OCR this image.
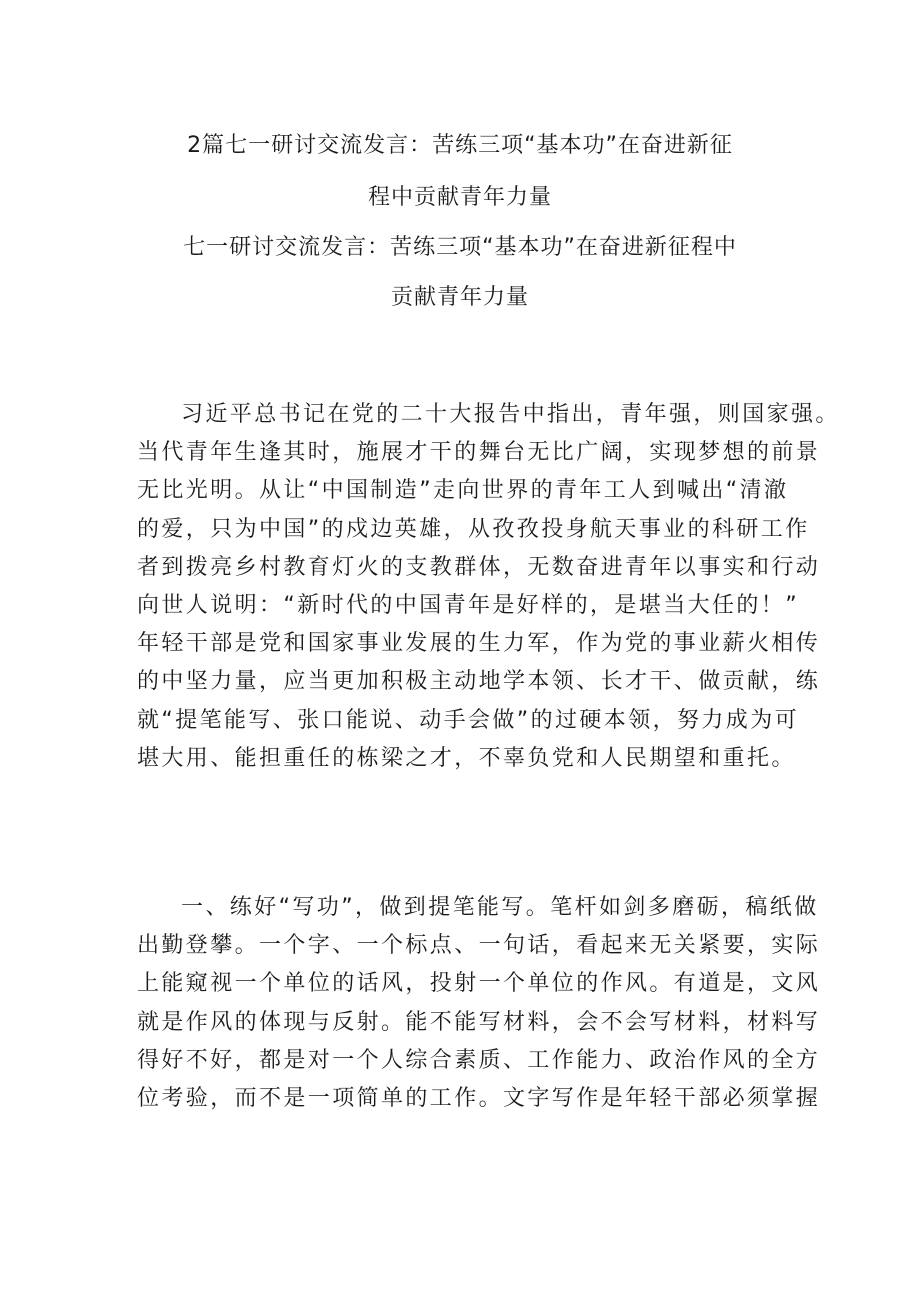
2篇七一研讨交流发言：苦练三项“基本功”在奋进新征
程中贡献青年力量
七一研讨交流发言：苦练三项“基本功”在奋进新征程中
贡献青年力量
习近平总书记在党的二十大报告中指出，青年强，则国家强。
当代青年生逢其时，施展才干的舞台无比广阔，实现梦想的前景
无比光明。从让“中国制造”走向世界的青年工人到喊出“清澈
的爱，只为中国”的戍边英雄，从孜孜投身航天事业的科研工作
者到拨亮乡村教育灯火的支教群体，无数奋进青年以事实和行动
向世人说明：“新时代的中国青年是好样的，是堪当大任的！”
年轻干部是党和国家事业发展的生力军，作为党的事业薪火相传
的中坚力量，应当更加积极主动地学本领、长才干、做贡献，练
就“提笔能写、张口能说、动手会做”的过硬本领，努力成为可
堪大用、能担重任的栋梁之才，不辜负党和人民期望和重托。
一、练好“写功”，做到提笔能写。笔杆如剑多磨砺，稿纸做
出勤登攀。一个字、一个标点、一句话，看起来无关紧要，实际
上能窥视一个单位的话风，投射一个单位的作风。有道是，文风
就是作风的体现与反射。能不能写材料，会不会写材料，材料写
得好不好，都是对一个人综合素质、工作能力、政治作风的全方
位考验，而不是一项简单的工作。文字写作是年轻干部必须掌握
